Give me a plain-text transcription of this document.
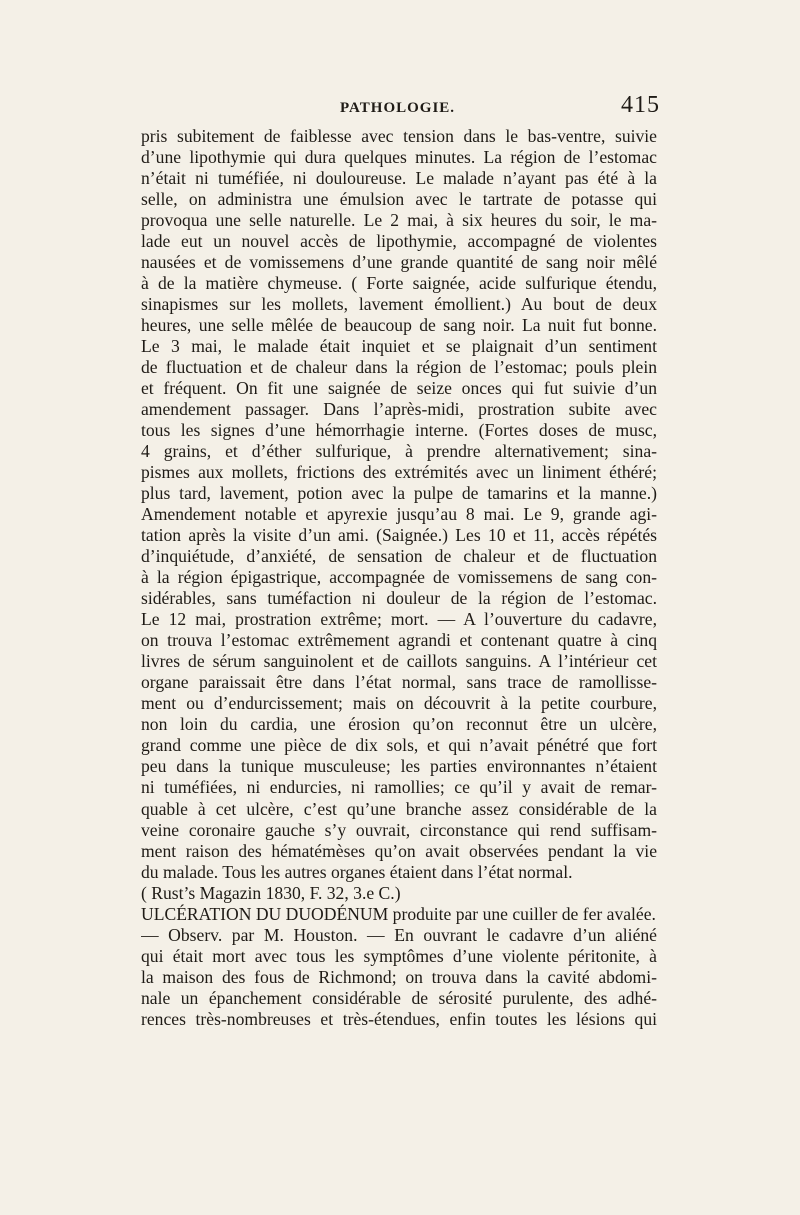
PATHOLOGIE.	415
pris subitement de faiblesse avec tension dans le bas-ventre, suivie
d’une lipothymie qui dura quelques minutes. La région de l’estomac
n’était ni tuméfiée, ni douloureuse. Le malade n’ayant pas été à la
selle, on administra une émulsion avec le tartrate de potasse qui
provoqua une selle naturelle. Le 2 mai, à six heures du soir, le ma-
lade eut un nouvel accès de lipothymie, accompagné de violentes
nausées et de vomissemens d’une grande quantité de sang noir mêlé
à de la matière chymeuse. ( Forte saignée, acide sulfurique étendu,
sinapismes sur les mollets, lavement émollient.) Au bout de deux
heures, une selle mêlée de beaucoup de sang noir. La nuit fut bonne.
Le 3 mai, le malade était inquiet et se plaignait d’un sentiment
de fluctuation et de chaleur dans la région de l’estomac; pouls plein
et fréquent. On fit une saignée de seize onces qui fut suivie d’un
amendement passager. Dans l’après-midi, prostration subite avec
tous les signes d’une hémorrhagie interne. (Fortes doses de musc,
4 grains, et d’éther sulfurique, à prendre alternativement; sina-
pismes aux mollets, frictions des extrémités avec un liniment éthéré;
plus tard, lavement, potion avec la pulpe de tamarins et la manne.)
Amendement notable et apyrexie jusqu’au 8 mai. Le 9, grande agi-
tation après la visite d’un ami. (Saignée.) Les 10 et 11, accès répétés
d’inquiétude, d’anxiété, de sensation de chaleur et de fluctuation
à la région épigastrique, accompagnée de vomissemens de sang con-
sidérables, sans tuméfaction ni douleur de la région de l’estomac.
Le 12 mai, prostration extrême; mort. — A l’ouverture du cadavre,
on trouva l’estomac extrêmement agrandi et contenant quatre à cinq
livres de sérum sanguinolent et de caillots sanguins. A l’intérieur cet
organe paraissait être dans l’état normal, sans trace de ramollisse-
ment ou d’endurcissement; mais on découvrit à la petite courbure,
non loin du cardia, une érosion qu’on reconnut être un ulcère,
grand comme une pièce de dix sols, et qui n’avait pénétré que fort
peu dans la tunique musculeuse; les parties environnantes n’étaient
ni tuméfiées, ni endurcies, ni ramollies; ce qu’il y avait de remar-
quable à cet ulcère, c’est qu’une branche assez considérable de la
veine coronaire gauche s’y ouvrait, circonstance qui rend suffisam-
ment raison des hématémèses qu’on avait observées pendant la vie
du malade. Tous les autres organes étaient dans l’état normal.
( Rust’s Magazin 1830, F. 32, 3.e C.)
ULCÉRATION DU DUODÉNUM produite par une cuiller de fer avalée.
— Observ. par M. Houston. — En ouvrant le cadavre d’un aliéné
qui était mort avec tous les symptômes d’une violente péritonite, à
la maison des fous de Richmond; on trouva dans la cavité abdomi-
nale un épanchement considérable de sérosité purulente, des adhé-
rences très-nombreuses et très-étendues, enfin toutes les lésions qui
